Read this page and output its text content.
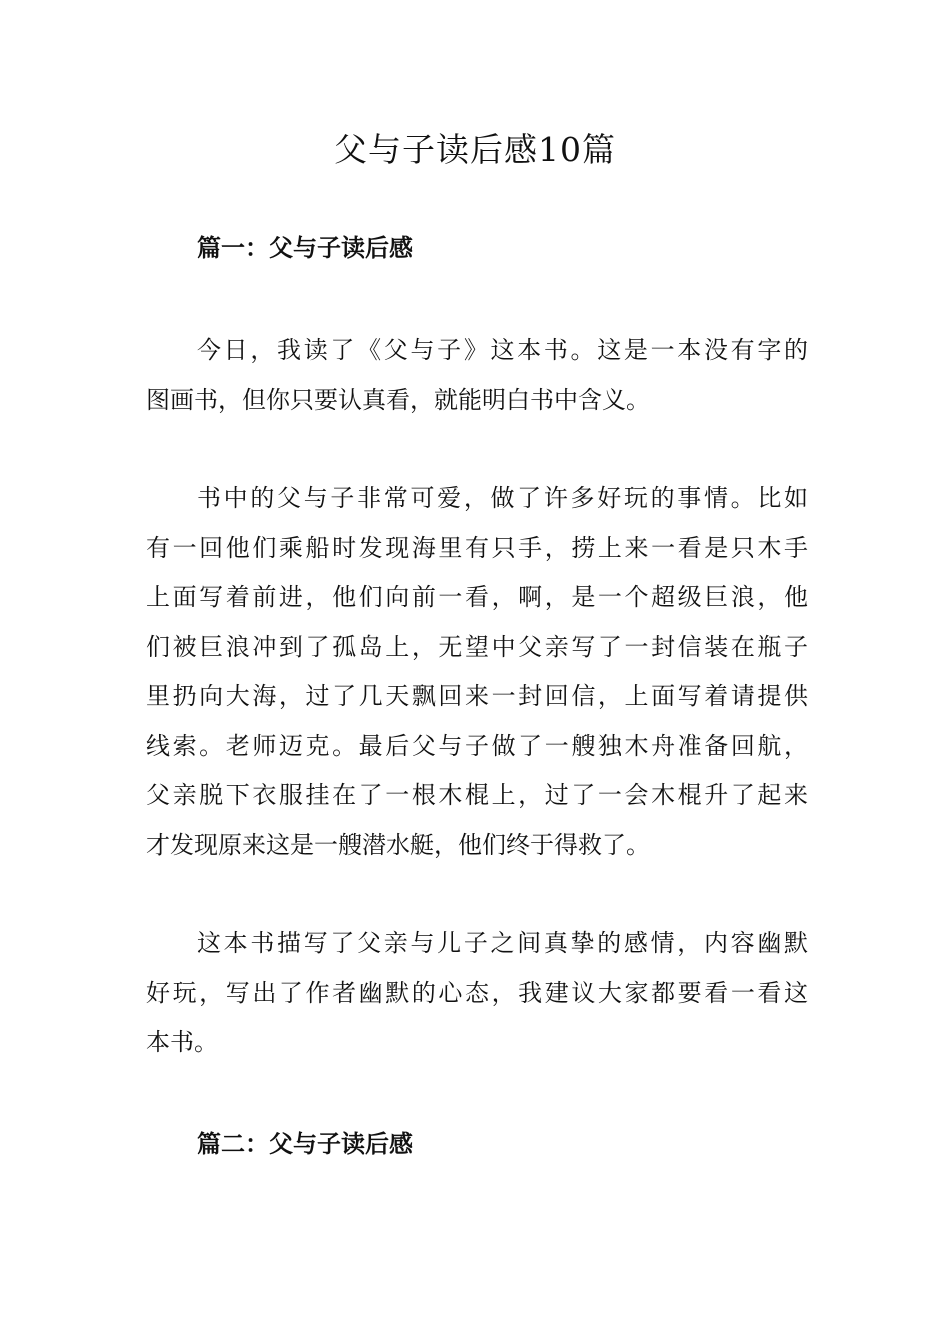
父与子读后感10篇
篇一：父与子读后感

今日，我读了《父与子》这本书。这是一本没有字的
图画书，但你只要认真看，就能明白书中含义。

书中的父与子非常可爱，做了许多好玩的事情。比如
有一回他们乘船时发现海里有只手，捞上来一看是只木手
上面写着前进，他们向前一看，啊，是一个超级巨浪，他
们被巨浪冲到了孤岛上，无望中父亲写了一封信装在瓶子
里扔向大海，过了几天飘回来一封回信，上面写着请提供
线索。老师迈克。最后父与子做了一艘独木舟准备回航，
父亲脱下衣服挂在了一根木棍上，过了一会木棍升了起来
才发现原来这是一艘潜水艇，他们终于得救了。

这本书描写了父亲与儿子之间真挚的感情，内容幽默
好玩，写出了作者幽默的心态，我建议大家都要看一看这
本书。

篇二：父与子读后感
